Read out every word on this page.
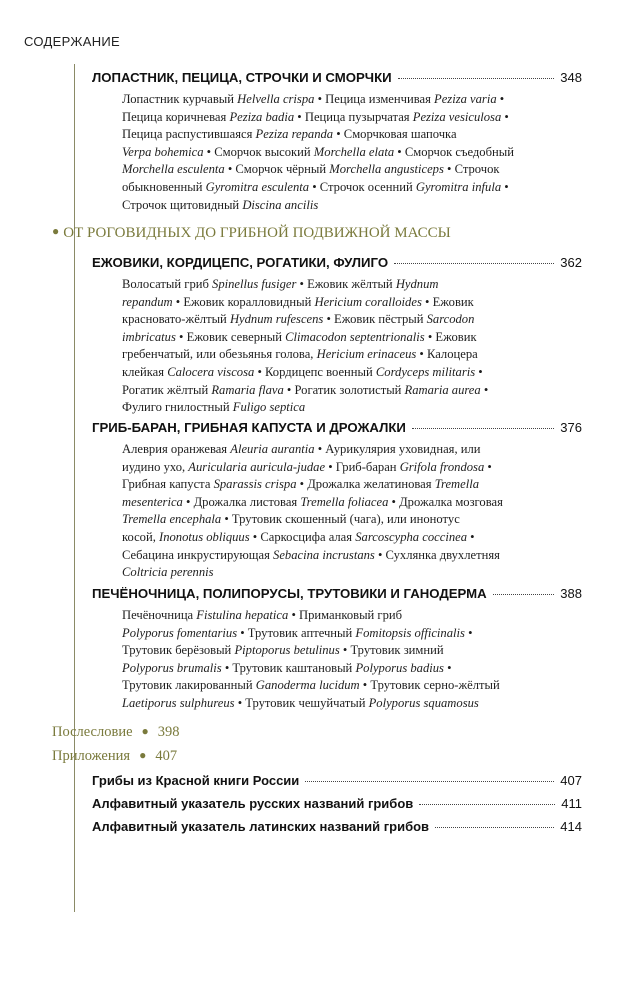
СОДЕРЖАНИЕ
ЛОПАСТНИК, ПЕЦИЦА, СТРОЧКИ И СМОРЧКИ	348
Лопастник курчавый Helvella crispa • Пецица изменчивая Peziza varia •
Пецица коричневая Peziza badia • Пецица пузырчатая Peziza vesiculosa •
Пецица распустившаяся Peziza repanda • Сморчковая шапочка
Verpa bohemica • Сморчок высокий Morchella elata • Сморчок съедобный
Morchella esculenta • Сморчок чёрный Morchella angusticeps • Строчок
обыкновенный Gyromitra esculenta • Строчок осенний Gyromitra infula •
Строчок щитовидный Discina ancilis
● ОТ РОГОВИДНЫХ ДО ГРИБНОЙ ПОДВИЖНОЙ МАССЫ
ЕЖОВИКИ, КОРДИЦЕПС, РОГАТИКИ, ФУЛИГО	362
Волосатый гриб Spinellus fusiger • Ежовик жёлтый Hydnum
repandum • Ежовик коралловидный Hericium coralloides • Ежовик
красновато-жёлтый Hydnum rufescens • Ежовик пёстрый Sarcodon
imbricatus • Ежовик северный Climacodon septentrionalis • Ежовик
гребенчатый, или обезьянья голова, Hericium erinaceus • Калоцера
клейкая Calocera viscosa • Кордицепс военный Cordyceps militaris •
Рогатик жёлтый Ramaria flava • Рогатик золотистый Ramaria aurea •
Фулиго гнилостный Fuligo septica
ГРИБ-БАРАН, ГРИБНАЯ КАПУСТА И ДРОЖАЛКИ	376
Алеврия оранжевая Aleuria aurantia • Аурикулярия уховидная, или
иудино ухо, Auricularia auricula-judae • Гриб-баран Grifola frondosa •
Грибная капуста Sparassis crispa • Дрожалка желатиновая Tremella
mesenterica • Дрожалка листовая Tremella foliacea • Дрожалка мозговая
Tremella encephala • Трутовик скошенный (чага), или инонотус
косой, Inonotus obliquus • Саркосцифа алая Sarcoscypha coccinea •
Себацина инкрустирующая Sebacina incrustans • Сухлянка двухлетняя
Coltricia perennis
ПЕЧЁНОЧНИЦА, ПОЛИПОРУСЫ, ТРУТОВИКИ И ГАНОДЕРМА	388
Печёночница Fistulina hepatica • Приманковый гриб
Polyporus fomentarius • Трутовик аптечный Fomitopsis officinalis •
Трутовик берёзовый Piptoporus betulinus • Трутовик зимний
Polyporus brumalis • Трутовик каштановый Polyporus badius •
Трутовик лакированный Ganoderma lucidum • Трутовик серно-жёлтый
Laetiporus sulphureus • Трутовик чешуйчатый Polyporus squamosus
Послесловие ● 398
Приложения ● 407
Грибы из Красной книги России	407
Алфавитный указатель русских названий грибов	411
Алфавитный указатель латинских названий грибов	414
